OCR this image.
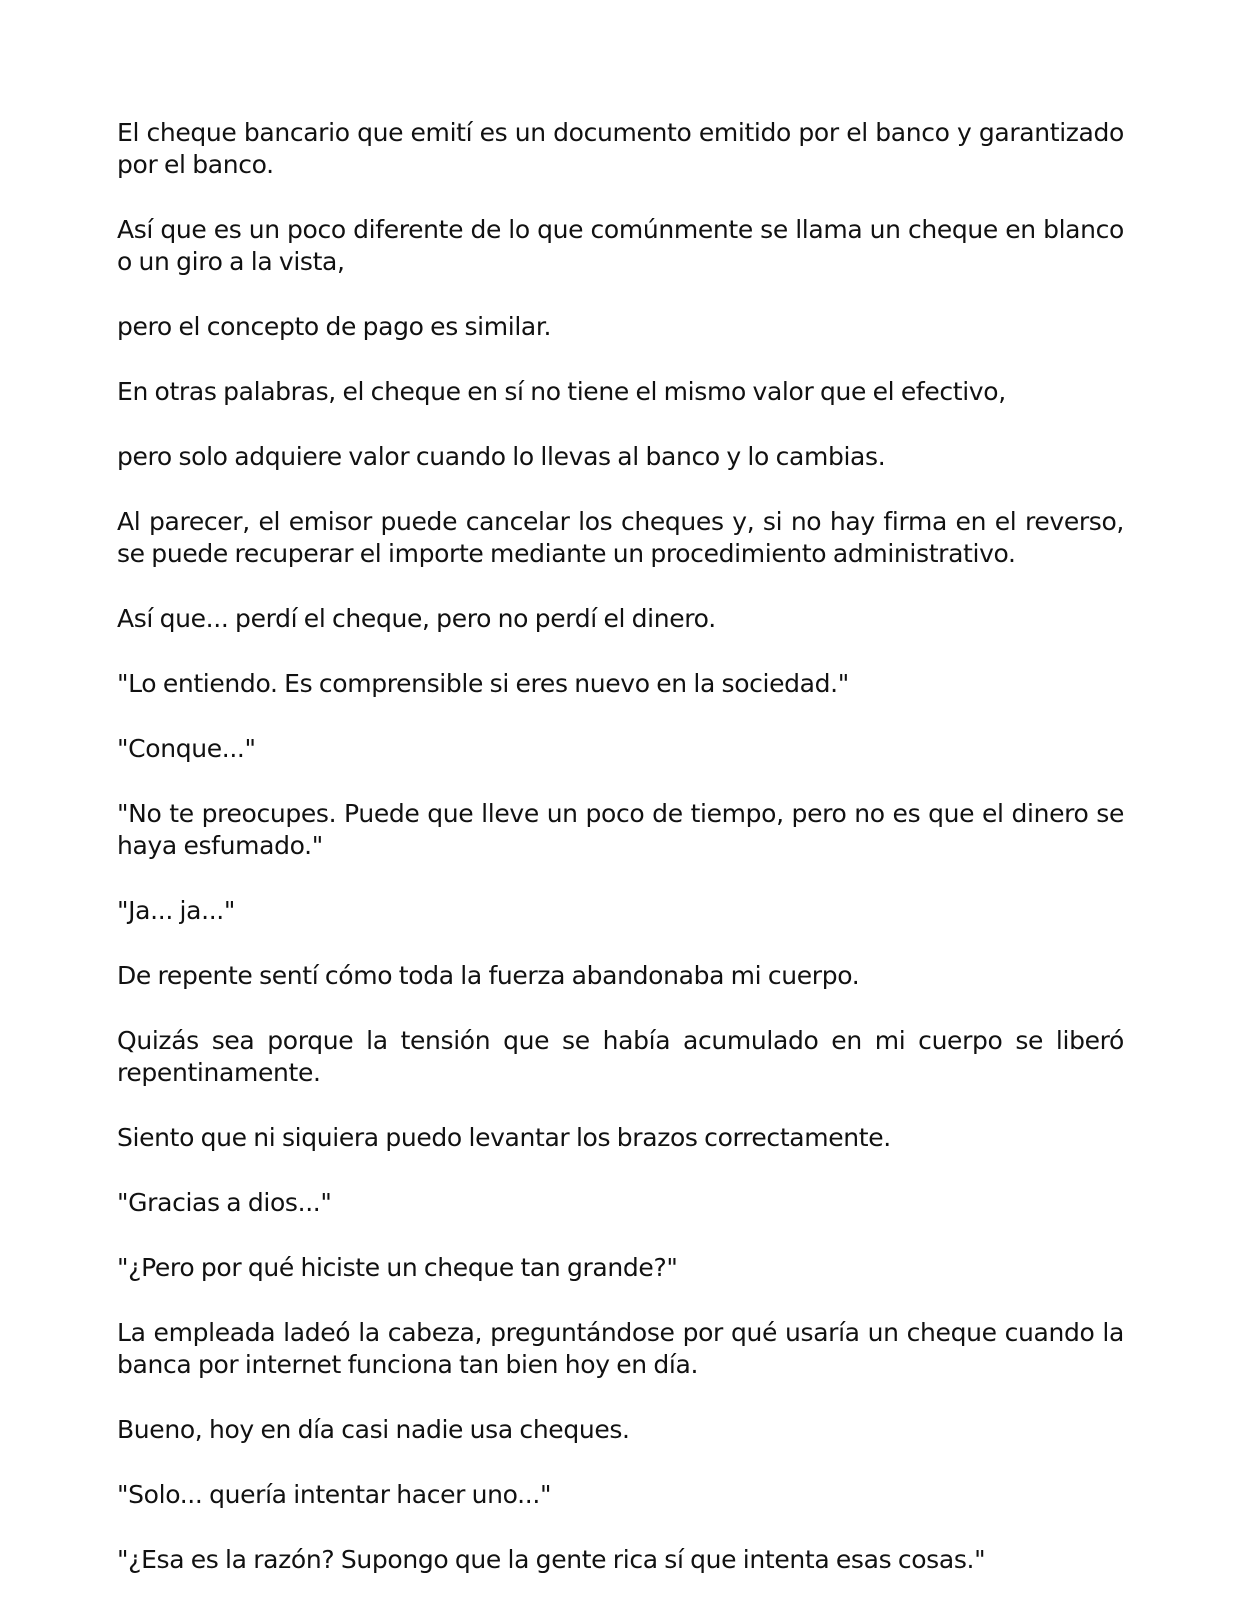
El cheque bancario que emití es un documento emitido por el banco y garantizado por el banco.

Así que es un poco diferente de lo que comúnmente se llama un cheque en blanco o un giro a la vista,

pero el concepto de pago es similar.

En otras palabras, el cheque en sí no tiene el mismo valor que el efectivo,

pero solo adquiere valor cuando lo llevas al banco y lo cambias.

Al parecer, el emisor puede cancelar los cheques y, si no hay firma en el reverso, se puede recuperar el importe mediante un procedimiento administrativo.

Así que... perdí el cheque, pero no perdí el dinero.

"Lo entiendo. Es comprensible si eres nuevo en la sociedad."

"Conque..."

"No te preocupes. Puede que lleve un poco de tiempo, pero no es que el dinero se haya esfumado."

"Ja... ja..."

De repente sentí cómo toda la fuerza abandonaba mi cuerpo.

Quizás sea porque la tensión que se había acumulado en mi cuerpo se liberó repentinamente.

Siento que ni siquiera puedo levantar los brazos correctamente.

"Gracias a dios..."

"¿Pero por qué hiciste un cheque tan grande?"

La empleada ladeó la cabeza, preguntándose por qué usaría un cheque cuando la banca por internet funciona tan bien hoy en día.

Bueno, hoy en día casi nadie usa cheques.

"Solo... quería intentar hacer uno..."

"¿Esa es la razón? Supongo que la gente rica sí que intenta esas cosas."
